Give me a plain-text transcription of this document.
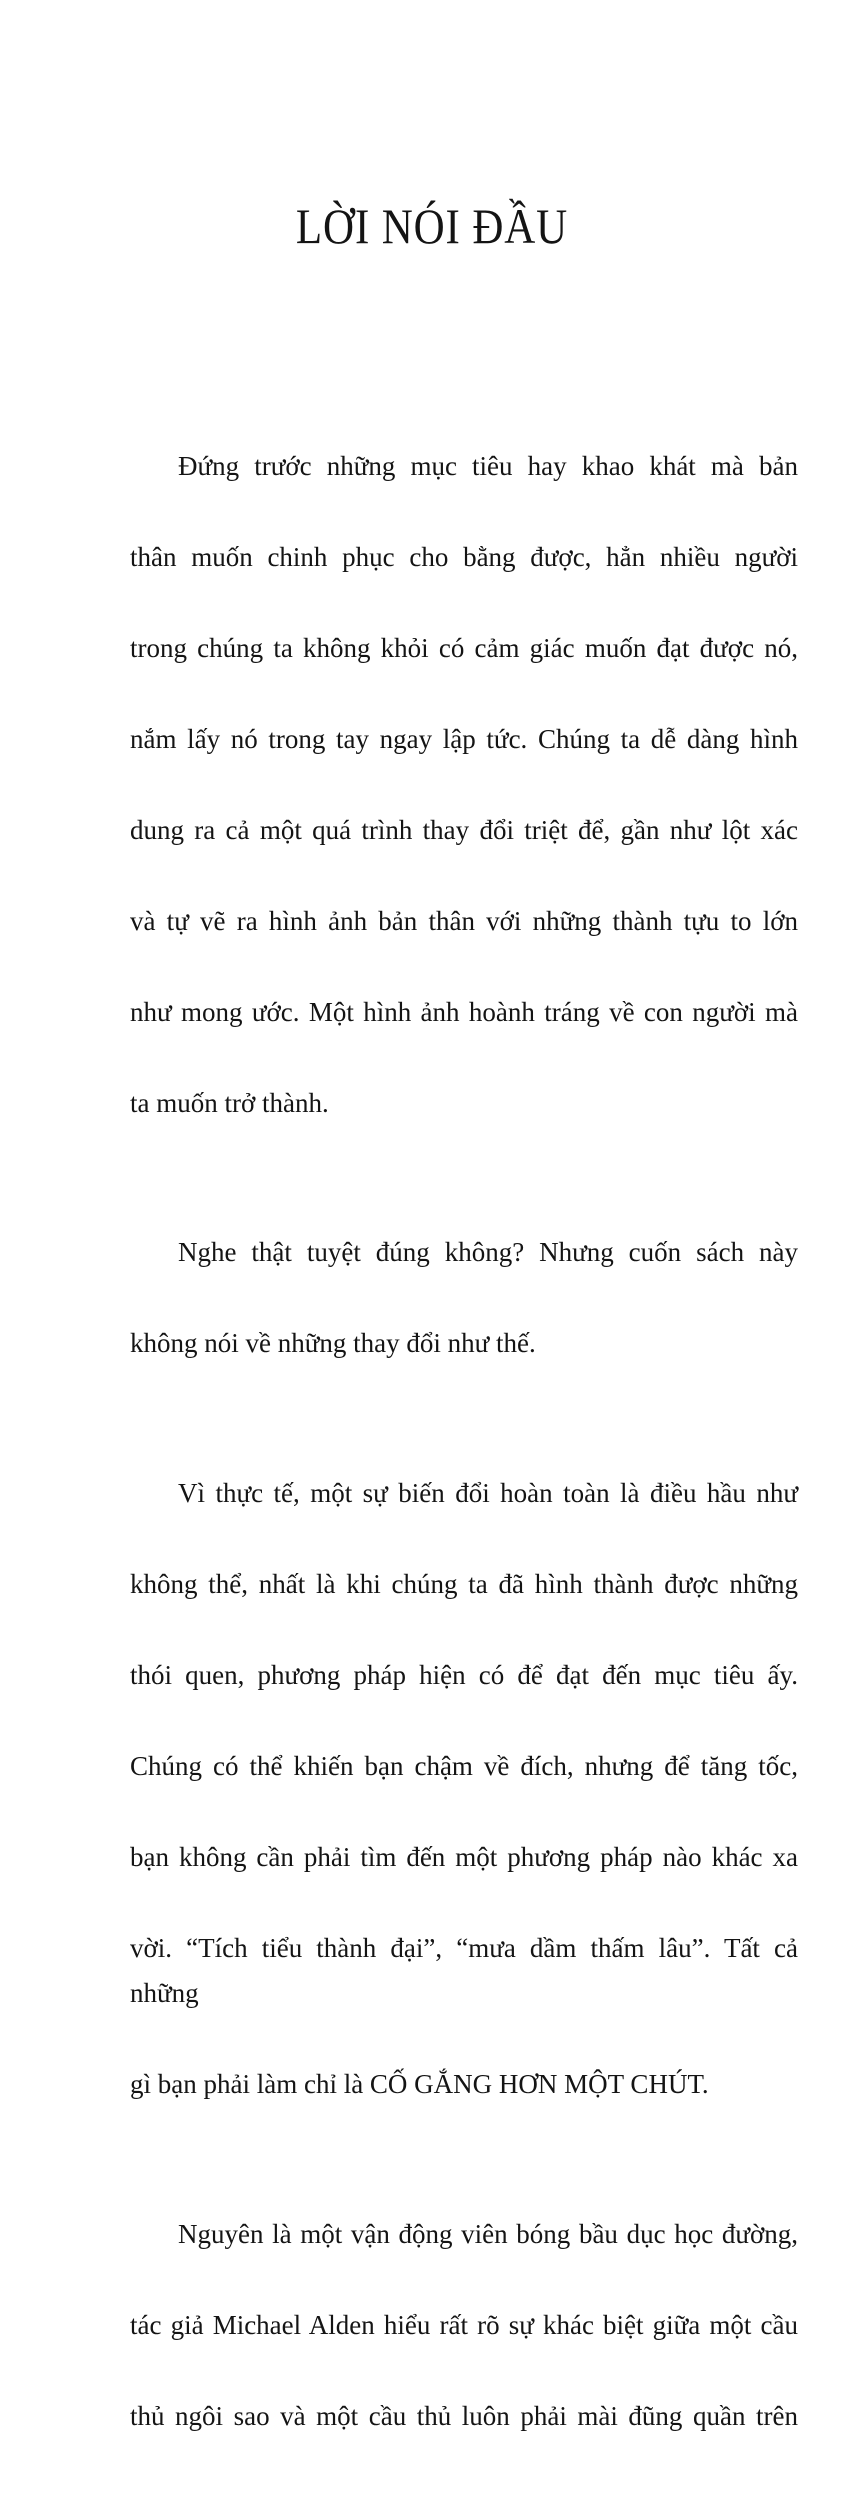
LỜI NÓI ĐẦU

Đứng trước những mục tiêu hay khao khát mà bản

thân muốn chinh phục cho bằng được, hẳn nhiều người

trong chúng ta không khỏi có cảm giác muốn đạt được nó,

nắm lấy nó trong tay ngay lập tức. Chúng ta dễ dàng hình

dung ra cả một quá trình thay đổi triệt để, gần như lột xác

và tự vẽ ra hình ảnh bản thân với những thành tựu to lớn

như mong ước. Một hình ảnh hoành tráng về con người mà

ta muốn trở thành.

Nghe thật tuyệt đúng không? Nhưng cuốn sách này

không nói về những thay đổi như thế.

Vì thực tế, một sự biến đổi hoàn toàn là điều hầu như

không thể, nhất là khi chúng ta đã hình thành được những

thói quen, phương pháp hiện có để đạt đến mục tiêu ấy.

Chúng có thể khiến bạn chậm về đích, nhưng để tăng tốc,

bạn không cần phải tìm đến một phương pháp nào khác xa

vời. “Tích tiểu thành đại”, “mưa dầm thấm lâu”. Tất cả những

gì bạn phải làm chỉ là CỐ GẮNG HƠN MỘT CHÚT.

Nguyên là một vận động viên bóng bầu dục học đường,

tác giả Michael Alden hiểu rất rõ sự khác biệt giữa một cầu

thủ ngôi sao và một cầu thủ luôn phải mài đũng quần trên
